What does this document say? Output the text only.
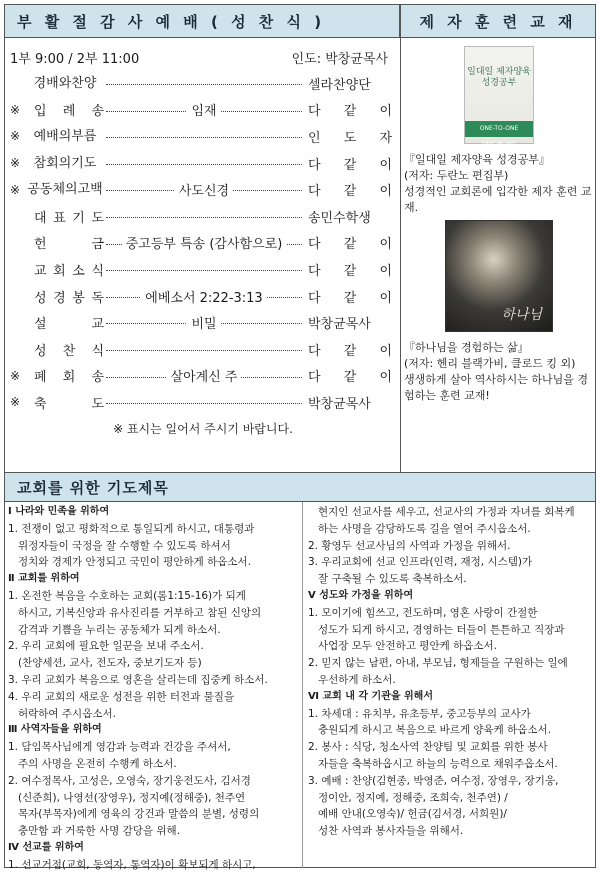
부 활 절 감 사 예 배 ( 성 찬 식 )	제 자 훈 련 교 재
1부 9:00 / 2부 11:00	인도: 박창균목사
경 배 와 찬 양	셀라찬양단
※	입 례 송	임재	다 같 이
※	예 배 의 부 름	인 도 자
※	참 회 의 기 도	다 같 이
※ 공 동 체 의 고 백	사도신경	다 같 이
대 표 기 도	송민수학생
헌	금	중고등부 특송 (감사함으로)	다 같 이
교 회 소 식	다 같 이
성 경 봉 독	에베소서 2:22-3:13	다 같 이
설	교	비밀	박창균목사
성 찬 식	다 같 이
※	폐 회 송	살아계신 주	다 같 이
※	축	도	박창균목사
※ 표시는 일어서 주시기 바랍니다.
일대일 제자양육 성경공부
ONE-TO-ONE DISCIPLING
『일대일 제자양육 성경공부』
(저자: 두란노 편집부)
성경적인 교회론에 입각한 제자 훈련 교재.
하나님
『하나님을 경험하는 삶』
(저자: 헨리 블랙가비, 클로드 킹 외)
생생하게 살아 역사하시는 하나님을 경험하는 훈련 교재!
교회를 위한 기도제목
Ⅰ 나라와 민족을 위하여
1. 전쟁이 없고 평화적으로 통일되게 하시고, 대통령과
위정자들이 국정을 잘 수행할 수 있도록 하셔서
정치와 경제가 안정되고 국민이 평안하게 하옵소서.
Ⅱ 교회를 위하여
1. 온전한 복음을 수호하는 교회(롬1:15-16)가 되게
하시고, 기복신앙과 유사진리를 거부하고 참된 신앙의
감격과 기쁨을 누리는 공동체가 되게 하소서.
2. 우리 교회에 필요한 일꾼을 보내 주소서.
(찬양세션, 교사, 전도자, 중보기도자 등)
3. 우리 교회가 복음으로 영혼을 살리는데 집중케 하소서.
4. 우리 교회의 새로운 성전을 위한 터전과 물질을
허락하여 주시옵소서.
Ⅲ 사역자들을 위하여
1. 담임목사님에게 영감과 능력과 건강을 주셔서,
주의 사명을 온전히 수행케 하소서.
2. 여수정목사, 고성은, 오영숙, 장기웅전도사, 김서경
(신준희), 나영선(장영우), 정지예(정해중), 천주연
목자(부목자)에게 영육의 강건과 말씀의 분별, 성령의
충만함 과 거룩한 사명 감당을 위해.
Ⅳ 선교를 위하여
1. 선교거점(교회, 동역자, 통역자)이 확보되게 하시고,
현지인 선교사를 세우고, 선교사의 가정과 자녀를 회복케
하는 사명을 감당하도록 길을 열어 주시옵소서.
2. 황영두 선교사님의 사역과 가정을 위해서.
3. 우리교회에 선교 인프라(인력, 재정, 시스템)가
잘 구축될 수 있도록 축복하소서.
Ⅴ 성도와 가정을 위하여
1. 모이기에 힘쓰고, 전도하며, 영혼 사랑이 간절한
성도가 되게 하시고, 경영하는 터들이 튼튼하고 직장과
사업장 모두 안전하고 평안케 하옵소서.
2. 믿지 않는 남편, 아내, 부모님, 형제들을 구원하는 일에
우선하게 하소서.
Ⅵ 교회 내 각 기관을 위해서
1. 차세대 : 유치부, 유초등부, 중고등부의 교사가
충원되게 하시고 복음으로 바르게 양육케 하옵소서.
2. 봉사 : 식당, 청소사역 찬양팀 및 교회를 위한 봉사
자들을 축복하옵시고 하늘의 능력으로 채워주옵소서.
3. 예배 : 찬양(김현종, 박영준, 여수정, 장영우, 장기웅,
정이안, 정지예, 정해중, 조희숙, 천주연) /
예배 안내(오영숙)/ 헌금(김서경, 서희원)/
성찬 사역과 봉사자들을 위해서.
